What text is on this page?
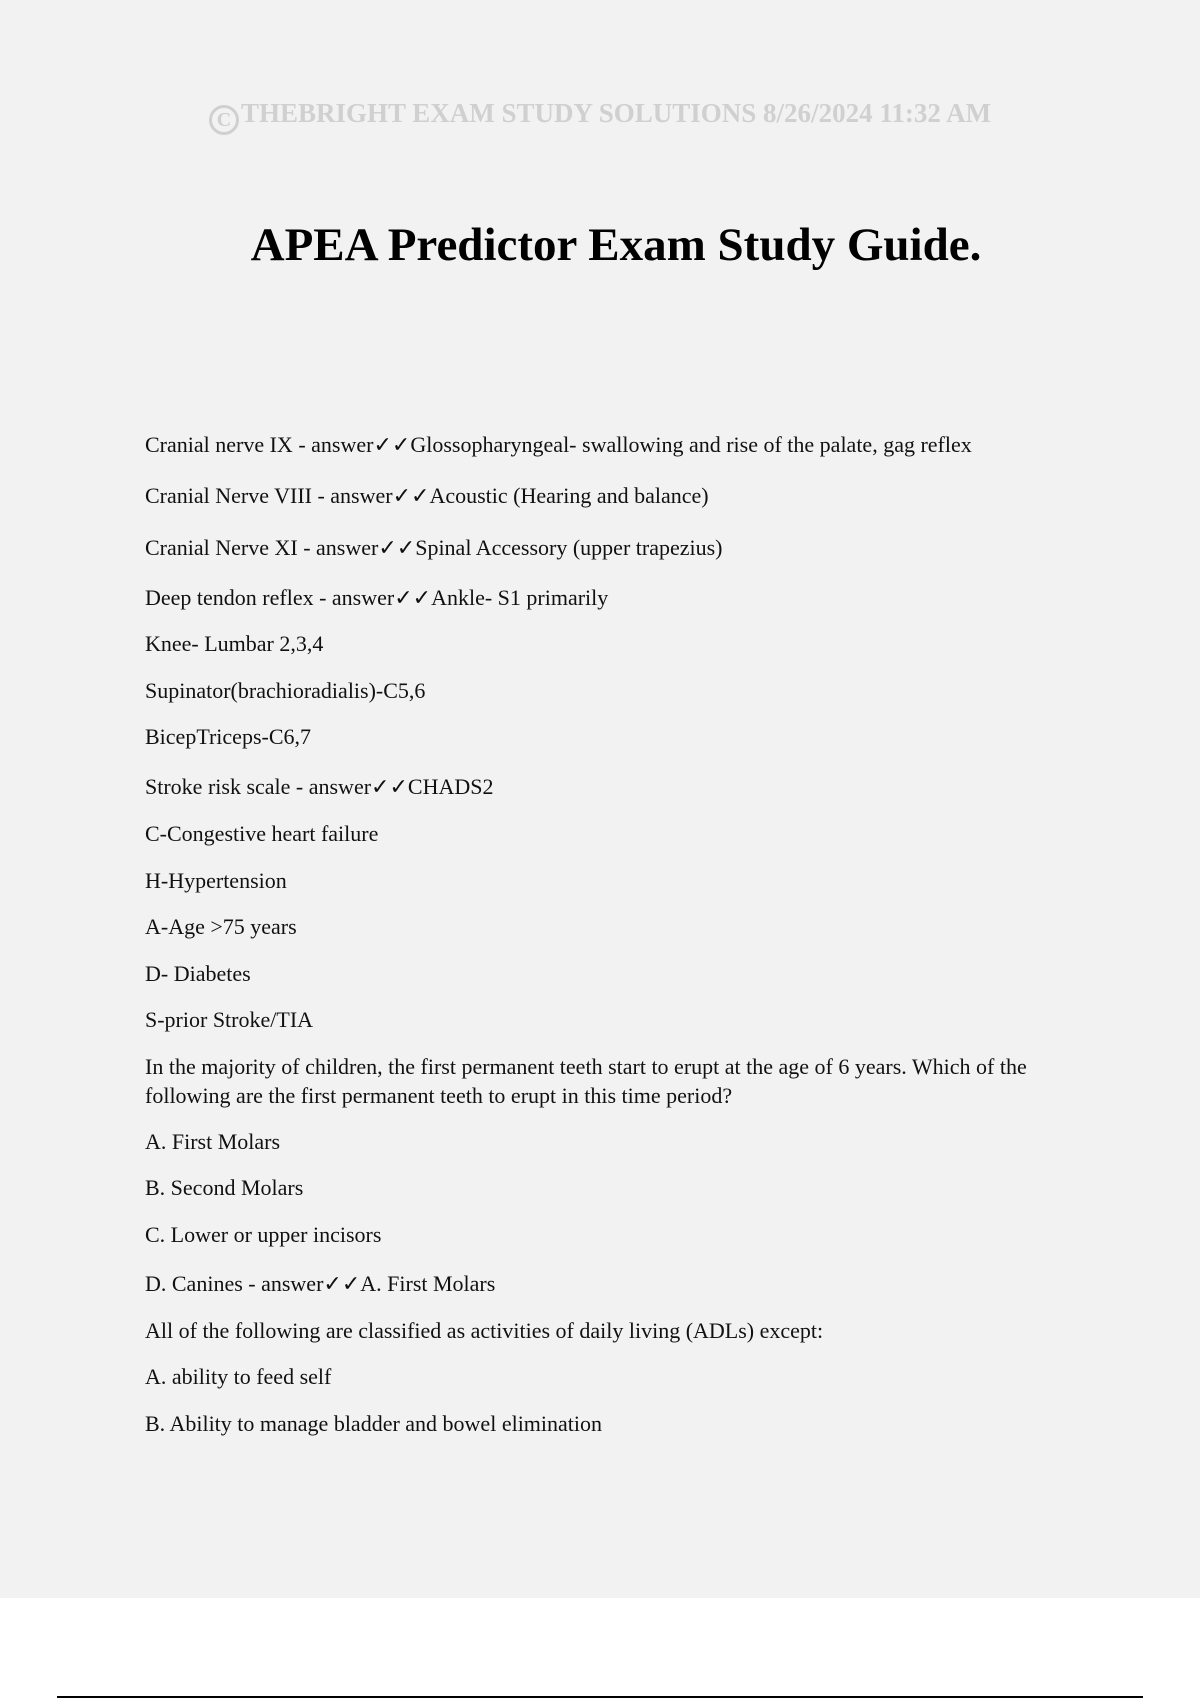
C THEBRIGHT EXAM STUDY SOLUTIONS 8/26/2024 11:32 AM
APEA Predictor Exam Study Guide.

Cranial nerve IX - answer✓✓Glossopharyngeal- swallowing and rise of the palate, gag reflex

Cranial Nerve VIII - answer✓✓Acoustic (Hearing and balance)

Cranial Nerve XI - answer✓✓Spinal Accessory (upper trapezius)

Deep tendon reflex - answer✓✓Ankle- S1 primarily

Knee- Lumbar 2,3,4

Supinator(brachioradialis)-C5,6

BicepTriceps-C6,7

Stroke risk scale - answer✓✓CHADS2

C-Congestive heart failure

H-Hypertension

A-Age >75 years

D- Diabetes

S-prior Stroke/TIA

In the majority of children, the first permanent teeth start to erupt at the age of 6 years. Which of the following are the first permanent teeth to erupt in this time period?

A. First Molars

B. Second Molars

C. Lower or upper incisors

D. Canines - answer✓✓A. First Molars

All of the following are classified as activities of daily living (ADLs) except:

A. ability to feed self

B. Ability to manage bladder and bowel elimination
